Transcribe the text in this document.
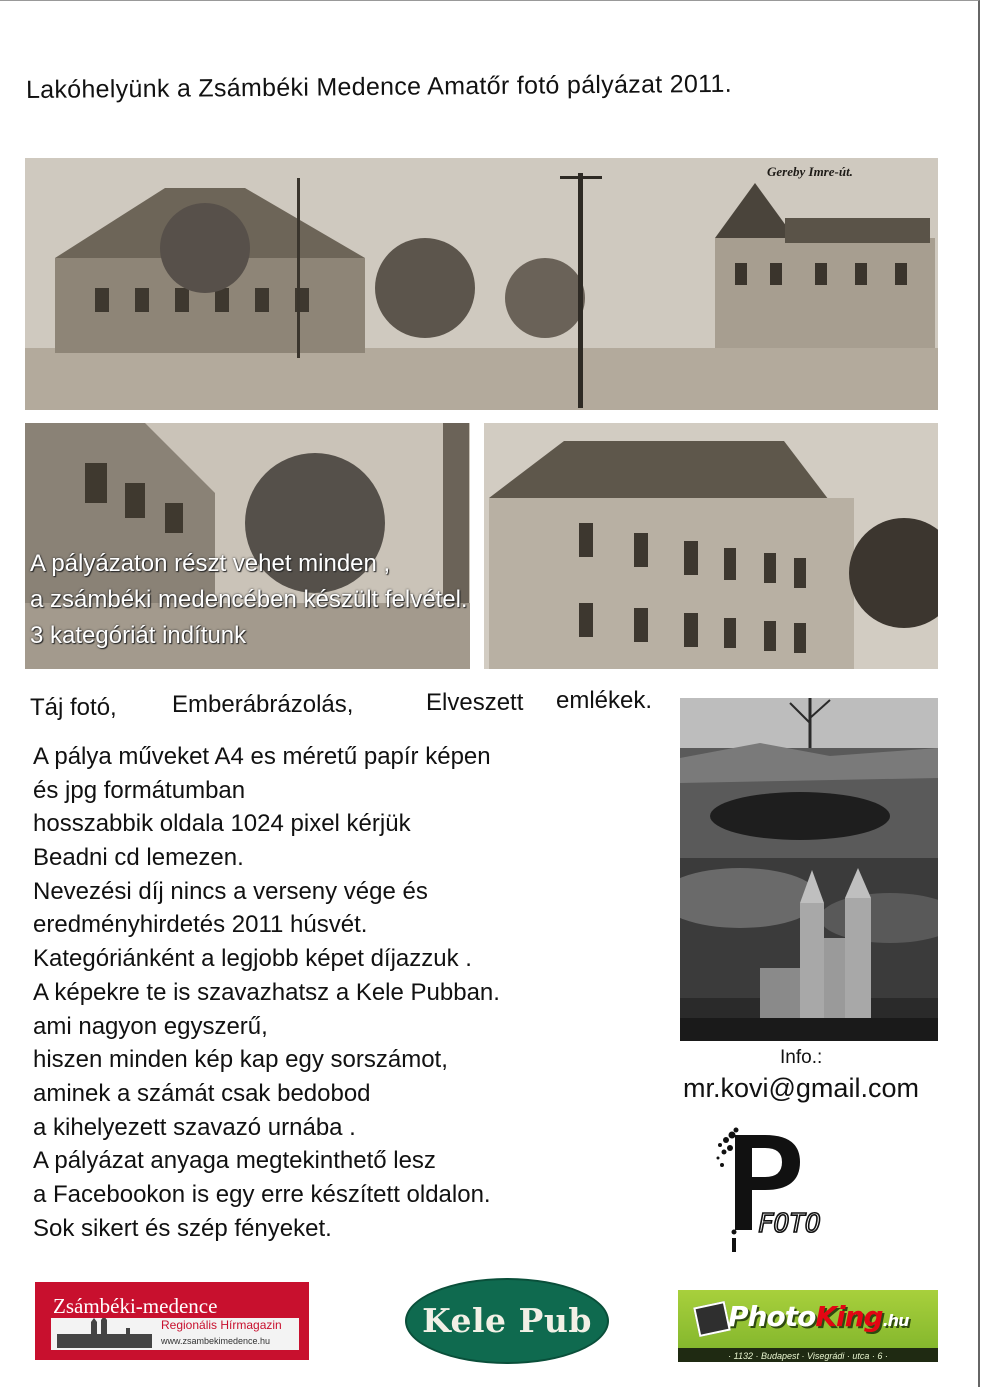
Lakóhelyünk a Zsámbéki Medence Amatőr fotó pályázat 2011.
Gereby Imre-út.
A pályázaton részt vehet minden ,
a zsámbéki medencében készült felvétel.
3 kategóriát indítunk
Táj fotó, Emberábrázolás,	Elveszett emlékek.
A pálya műveket A4 es méretű papír képen
és jpg formátumban
hosszabbik oldala 1024 pixel kérjük
Beadni cd lemezen.
Nevezési díj nincs a verseny vége és
eredményhirdetés 2011 húsvét.
Kategóriánként a legjobb képet díjazzuk .
A képekre te is szavazhatsz a Kele Pubban.
ami nagyon egyszerű,
hiszen minden kép kap egy sorszámot,
aminek a számát csak bedobod
a kihelyezett szavazó urnába .
A pályázat anyaga megtekinthető lesz
a Facebookon is egy erre készített oldalon.
Sok sikert és szép fényeket.
Info.:
mr.kovi@gmail.com
FOTO
Zsámbéki-medence
Regionális Hírmagazin
www.zsambekimedence.hu
Kele Pub	PhotoKing.hu
· 1132 · Budapest · Visegrádi · utca · 6 ·
